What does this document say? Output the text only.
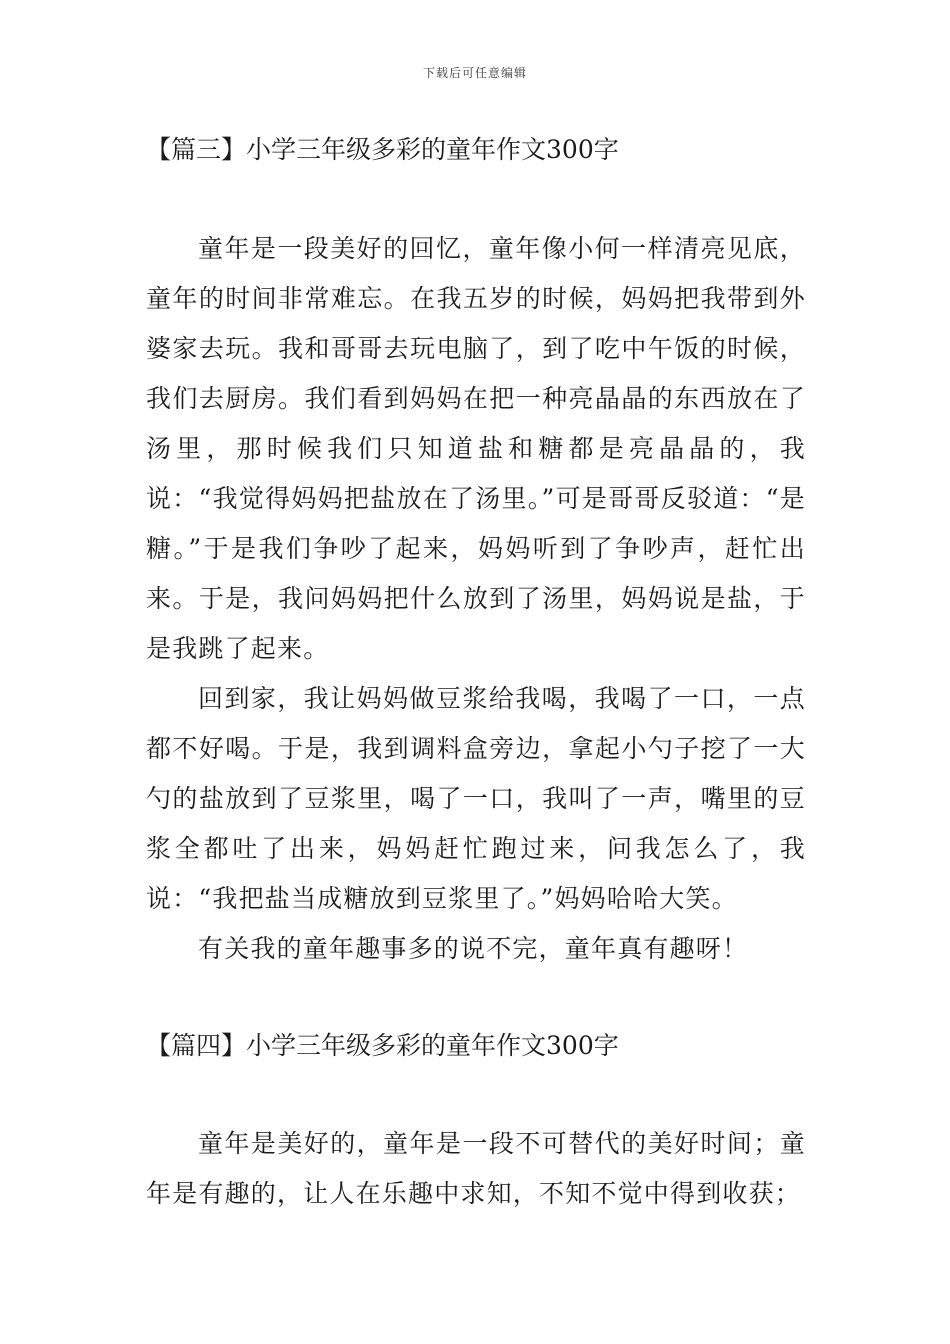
下载后可任意编辑
【篇三】小学三年级多彩的童年作文300字

童年是一段美好的回忆，童年像小何一样清亮见底，童年的时间非常难忘。在我五岁的时候，妈妈把我带到外婆家去玩。我和哥哥去玩电脑了，到了吃中午饭的时候，我们去厨房。我们看到妈妈在把一种亮晶晶的东西放在了汤里，那时候我们只知道盐和糖都是亮晶晶的，我说：“我觉得妈妈把盐放在了汤里。”可是哥哥反驳道：“是糖。”于是我们争吵了起来，妈妈听到了争吵声，赶忙出来。于是，我问妈妈把什么放到了汤里，妈妈说是盐，于是我跳了起来。

回到家，我让妈妈做豆浆给我喝，我喝了一口，一点都不好喝。于是，我到调料盒旁边，拿起小勺子挖了一大勺的盐放到了豆浆里，喝了一口，我叫了一声，嘴里的豆浆全都吐了出来，妈妈赶忙跑过来，问我怎么了，我说：“我把盐当成糖放到豆浆里了。”妈妈哈哈大笑。

有关我的童年趣事多的说不完，童年真有趣呀！

【篇四】小学三年级多彩的童年作文300字

童年是美好的，童年是一段不可替代的美好时间；童年是有趣的，让人在乐趣中求知，不知不觉中得到收获；
